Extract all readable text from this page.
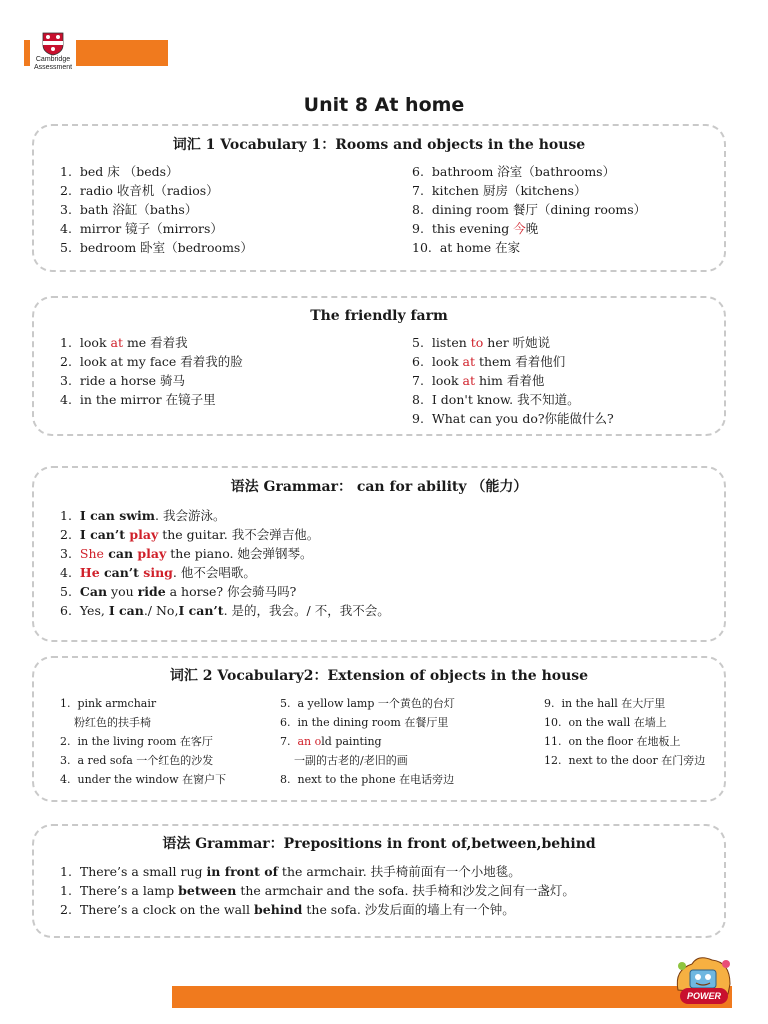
Cambridge
Assessment
Unit 8 At home
词汇 1 Vocabulary 1：Rooms and objects in the house
1. bed 床 （beds）
2. radio 收音机（radios）
3. bath 浴缸（baths）
4. mirror 镜子（mirrors）
5. bedroom 卧室（bedrooms）
6. bathroom 浴室（bathrooms）
7. kitchen 厨房（kitchens）
8. dining room 餐厅（dining rooms）
9. this evening 今晚
10.  at home 在家
The friendly farm
1. look at me 看着我
2. look at my face 看着我的脸
3. ride a horse 骑马
4. in the mirror 在镜子里
5. listen to her 听她说
6. look at them 看着他们
7. look at him 看着他
8. I don't know. 我不知道。
9. What can you do?你能做什么?
语法 Grammar： can for ability （能力）
1. I can swim. 我会游泳。
2. I can’t play the guitar. 我不会弹吉他。
3. She can play the piano. 她会弹钢琴。
4. He can’t sing. 他不会唱歌。
5. Can you ride a horse? 你会骑马吗?
6. Yes, I can./ No,I can’t. 是的，我会。/ 不，我不会。
词汇 2 Vocabulary2：Extension of objects in the house
1. pink armchair
粉红色的扶手椅
2. in the living room 在客厅
3. a red sofa 一个红色的沙发
4. under the window 在窗户下
5. a yellow lamp 一个黄色的台灯
6. in the dining room 在餐厅里
7. an old painting
一副的古老的/老旧的画
8. next to the phone 在电话旁边
9. in the hall 在大厅里
10. on the wall 在墙上
11. on the floor 在地板上
12. next to the door 在门旁边
语法 Grammar：Prepositions in front of,between,behind
1. There’s a small rug in front of the armchair. 扶手椅前面有一个小地毯。
1. There’s a lamp between the armchair and the sofa. 扶手椅和沙发之间有一盏灯。
2. There’s a clock on the wall behind the sofa. 沙发后面的墙上有一个钟。
POWER UP
